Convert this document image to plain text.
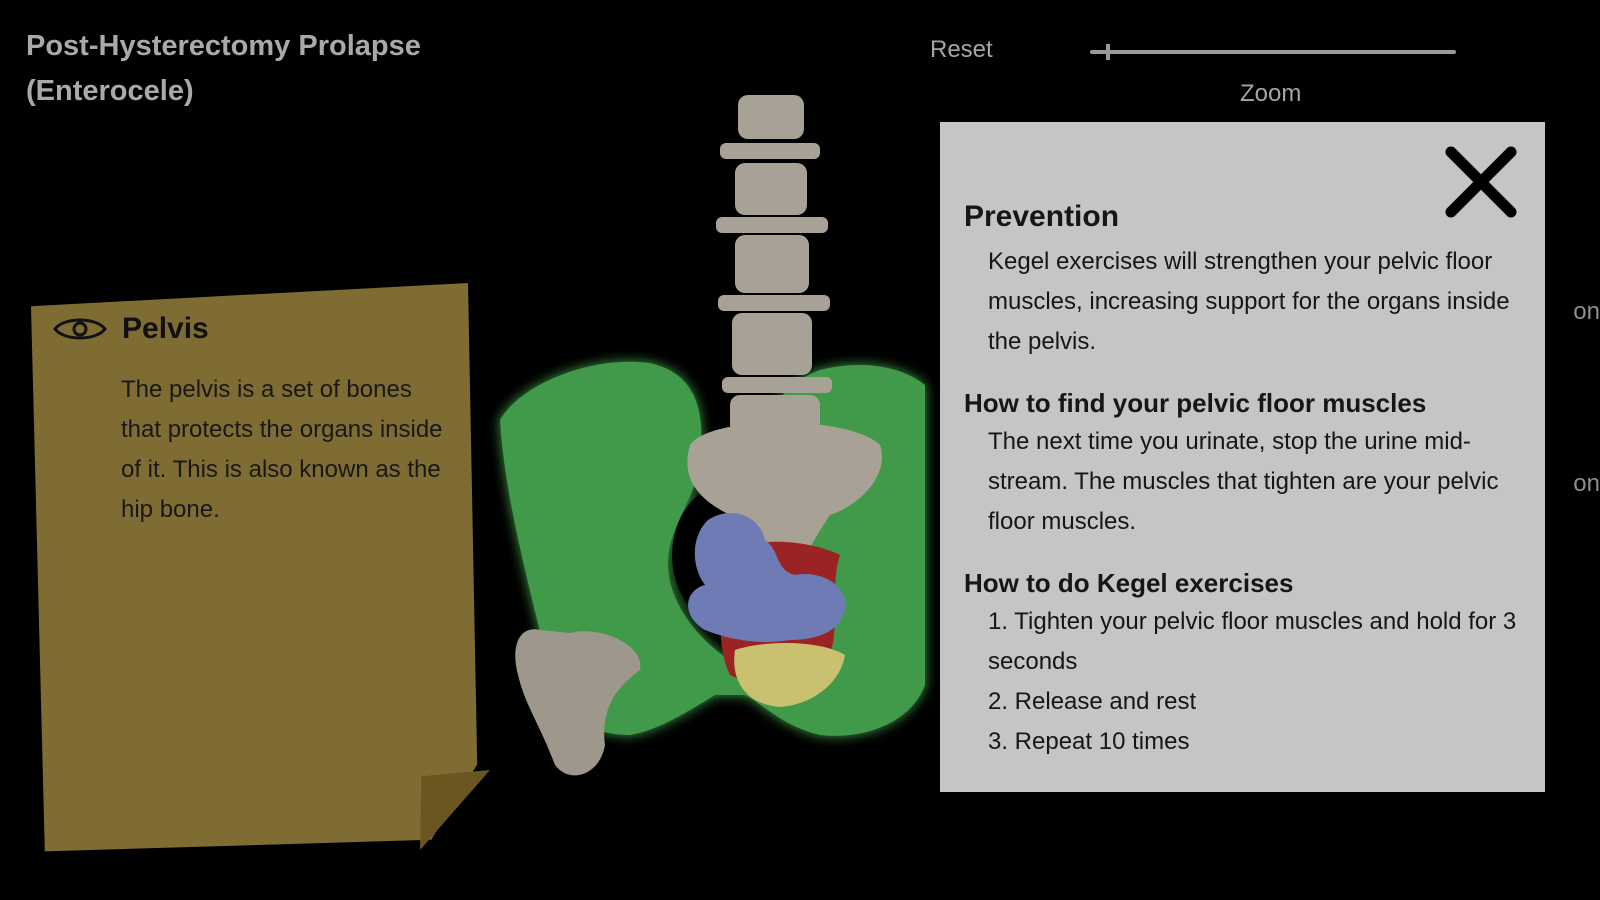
Post-Hysterectomy Prolapse
(Enterocele)
Reset
Zoom
on
on
Pelvis
The pelvis is a set of bones that protects the organs inside of it. This is also known as the hip bone.
Prevention

Kegel exercises will strengthen your pelvic floor muscles, increasing support for the organs inside the pelvis.

How to find your pelvic floor muscles

The next time you urinate, stop the urine mid-stream. The muscles that tighten are your pelvic floor muscles.

How to do Kegel exercises
1. Tighten your pelvic floor muscles and hold for 3 seconds
2. Release and rest
3. Repeat 10 times
